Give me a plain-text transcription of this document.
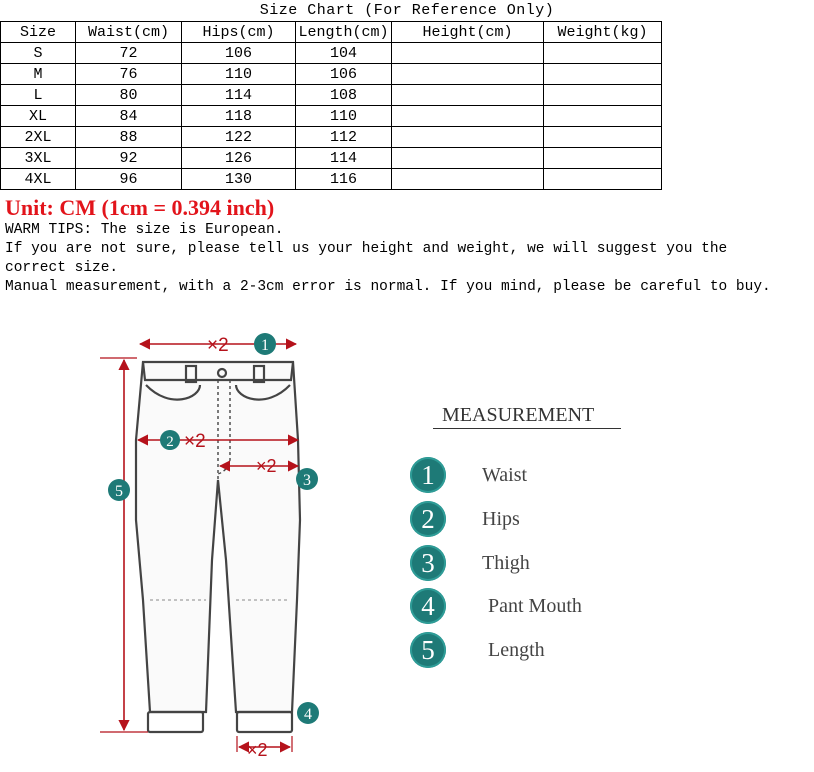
Size Chart (For Reference Only)
Size	Waist(cm)	Hips(cm)	Length(cm)	Height(cm)	Weight(kg)
S	72	106	104		
M	76	110	106		
L	80	114	108		
XL	84	118	110		
2XL	88	122	112		
3XL	92	126	114		
4XL	96	130	116		
Unit: CM (1cm = 0.394 inch)
WARM TIPS: The size is European.
If you are not sure, please tell us your height and weight, we will suggest you the
correct size.
Manual measurement, with a 2-3cm error is normal. If you mind, please be careful to buy.
×2 1
2 ×2
×2
3
5
×2
4
MEASUREMENT
1	Waist
2	Hips
3	Thigh
4	Pant Mouth
5	Length
